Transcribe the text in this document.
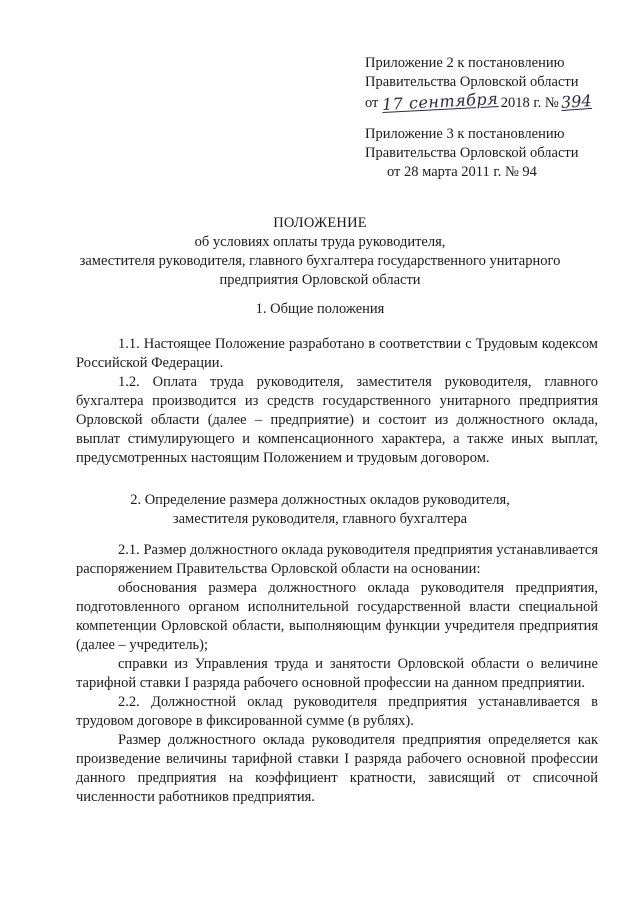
Приложение 2 к постановлению
Правительства Орловской области
от 17 сентября 2018 г. №394
Приложение 3 к постановлению
Правительства Орловской области
от 28 марта 2011 г. № 94
ПОЛОЖЕНИЕ
об условиях оплаты труда руководителя,
заместителя руководителя, главного бухгалтера государственного унитарного
предприятия Орловской области
1. Общие положения

1.1. Настоящее Положение разработано в соответствии с Трудовым кодексом Российской Федерации.

1.2. Оплата труда руководителя, заместителя руководителя, главного бухгалтера производится из средств государственного унитарного предприятия Орловской области (далее – предприятие) и состоит из должностного оклада, выплат стимулирующего и компенсационного характера, а также иных выплат, предусмотренных настоящим Положением и трудовым договором.

2. Определение размера должностных окладов руководителя,
заместителя руководителя, главного бухгалтера

2.1. Размер должностного оклада руководителя предприятия устанавливается распоряжением Правительства Орловской области на основании:

обоснования размера должностного оклада руководителя предприятия, подготовленного органом исполнительной государственной власти специальной компетенции Орловской области, выполняющим функции учредителя предприятия (далее – учредитель);

справки из Управления труда и занятости Орловской области о величине тарифной ставки I разряда рабочего основной профессии на данном предприятии.

2.2. Должностной оклад руководителя предприятия устанавливается в трудовом договоре в фиксированной сумме (в рублях).

Размер должностного оклада руководителя предприятия определяется как произведение величины тарифной ставки I разряда рабочего основной профессии данного предприятия на коэффициент кратности, зависящий от списочной численности работников предприятия.
